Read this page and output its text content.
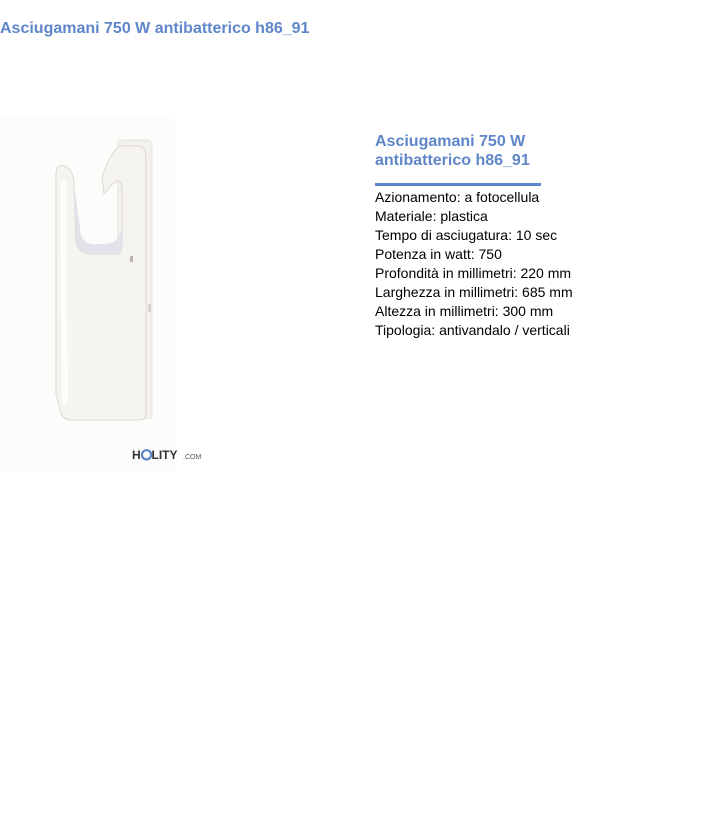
Asciugamani 750 W antibatterico h86_91
H LITY .COM
Asciugamani 750 W antibatterico h86_91
Azionamento: a fotocellula
Materiale: plastica
Tempo di asciugatura: 10 sec
Potenza in watt: 750
Profondità in millimetri: 220 mm
Larghezza in millimetri: 685 mm
Altezza in millimetri: 300 mm
Tipologia: antivandalo / verticali
